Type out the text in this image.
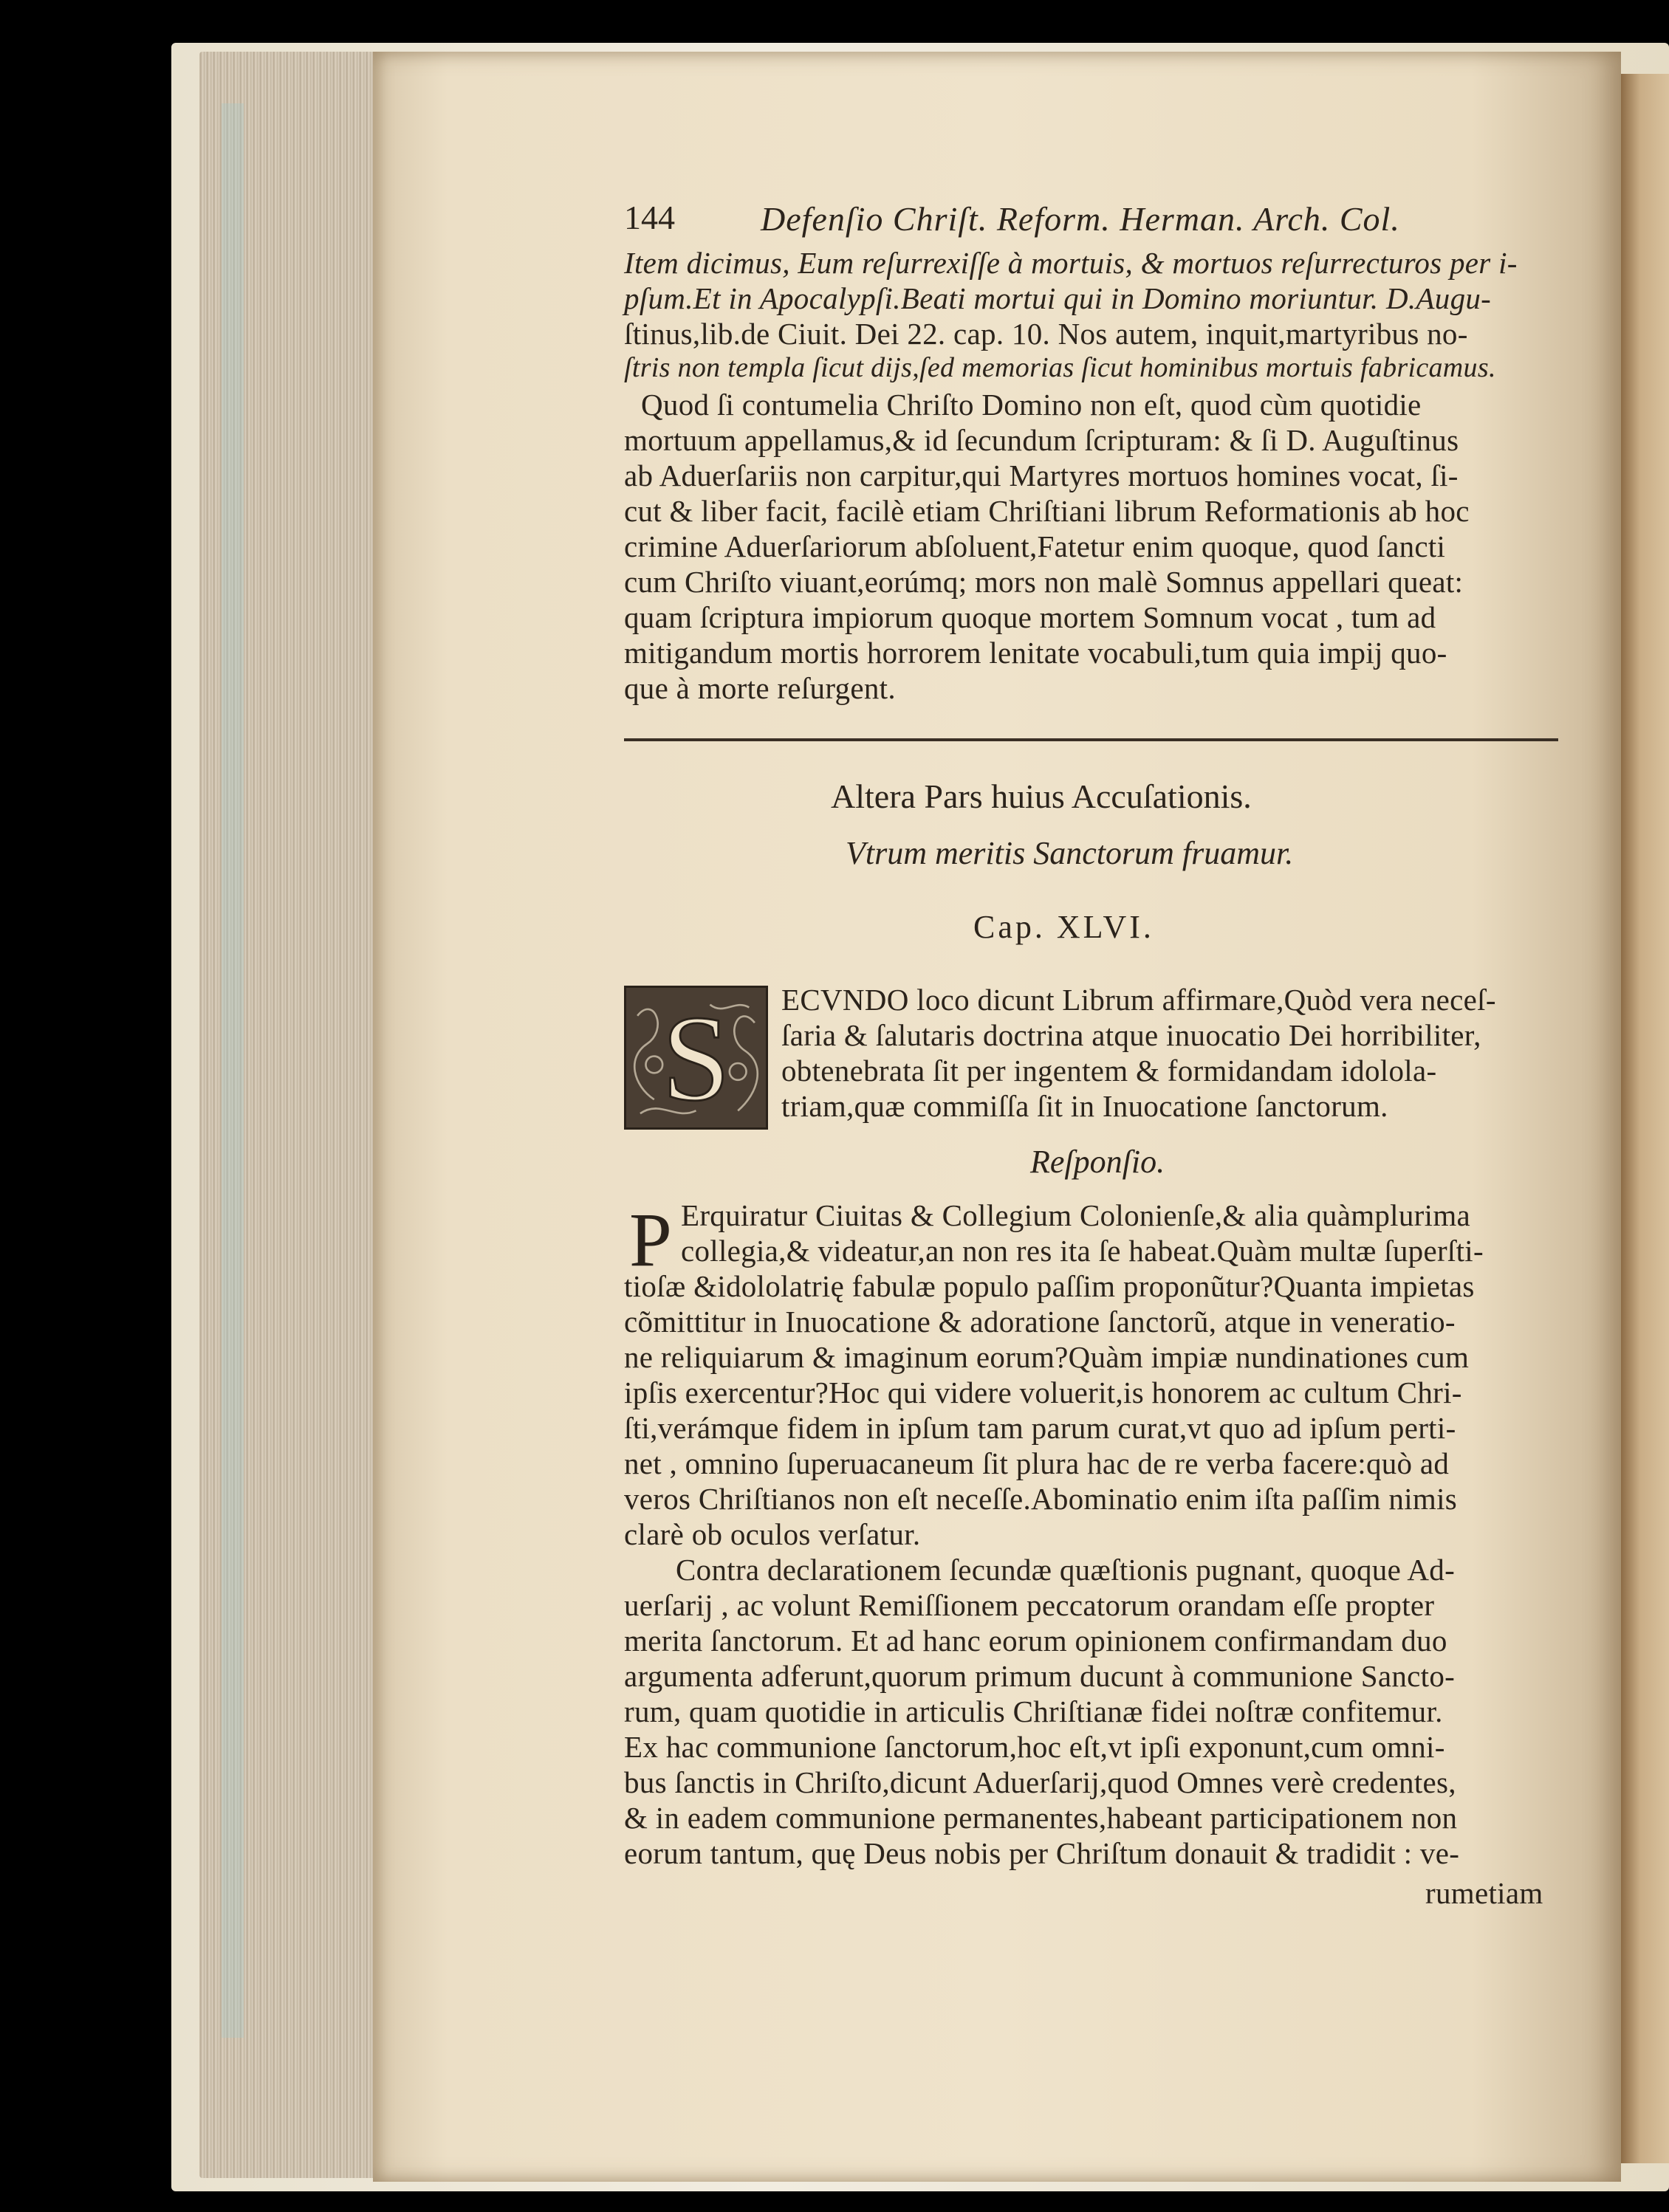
144	Defenſio Chriſt. Reform. Herman. Arch. Col.
Item dicimus, Eum reſurrexiſſe à mortuis, & mortuos reſurrecturos per i-
pſum.Et in Apocalypſi.Beati mortui qui in Domino moriuntur. D.Augu-
ſtinus,lib.de Ciuit. Dei 22. cap. 10. Nos autem, inquit,martyribus no-
ſtris non templa ſicut dijs,ſed memorias ſicut hominibus mortuis fabricamus.
Quod ſi contumelia Chriſto Domino non eſt, quod cùm quotidie
mortuum appellamus,& id ſecundum ſcripturam: & ſi D. Auguſtinus
ab Aduerſariis non carpitur,qui Martyres mortuos homines vocat, ſi-
cut & liber facit, facilè etiam Chriſtiani librum Reformationis ab hoc
crimine Aduerſariorum abſoluent,Fatetur enim quoque, quod ſancti
cum Chriſto viuant,eorúmq; mors non malè Somnus appellari queat:
quam ſcriptura impiorum quoque mortem Somnum vocat , tum ad
mitigandum mortis horrorem lenitate vocabuli,tum quia impij quo-
que à morte reſurgent.
Altera Pars huius Accuſationis.
Vtrum meritis Sanctorum fruamur.
Cap. XLVI.
S ECVNDO loco dicunt Librum affirmare,Quòd vera neceſ-
ſaria & ſalutaris doctrina atque inuocatio Dei horribiliter,
obtenebrata ſit per ingentem & formidandam idolola-
triam,quæ commiſſa ſit in Inuocatione ſanctorum.
Reſponſio.
P Erquiratur Ciuitas & Collegium Colonienſe,& alia quàmplurima
collegia,& videatur,an non res ita ſe habeat.Quàm multæ ſuperſti-
tioſæ &idololatrię fabulæ populo paſſim proponũtur?Quanta impietas
cõmittitur in Inuocatione & adoratione ſanctorũ, atque in veneratio-
ne reliquiarum & imaginum eorum?Quàm impiæ nundinationes cum
ipſis exercentur?Hoc qui videre voluerit,is honorem ac cultum Chri-
ſti,verámque fidem in ipſum tam parum curat,vt quo ad ipſum perti-
net , omnino ſuperuacaneum ſit plura hac de re verba facere:quò ad
veros Chriſtianos non eſt neceſſe.Abominatio enim iſta paſſim nimis
clarè ob oculos verſatur.
Contra declarationem ſecundæ quæſtionis pugnant, quoque Ad-
uerſarij , ac volunt Remiſſionem peccatorum orandam eſſe propter
merita ſanctorum. Et ad hanc eorum opinionem confirmandam duo
argumenta adferunt,quorum primum ducunt à communione Sancto-
rum, quam quotidie in articulis Chriſtianæ fidei noſtræ confitemur.
Ex hac communione ſanctorum,hoc eſt,vt ipſi exponunt,cum omni-
bus ſanctis in Chriſto,dicunt Aduerſarij,quod Omnes verè credentes,
& in eadem communione permanentes,habeant participationem non
eorum tantum, quę Deus nobis per Chriſtum donauit & tradidit : ve-
rumetiam
